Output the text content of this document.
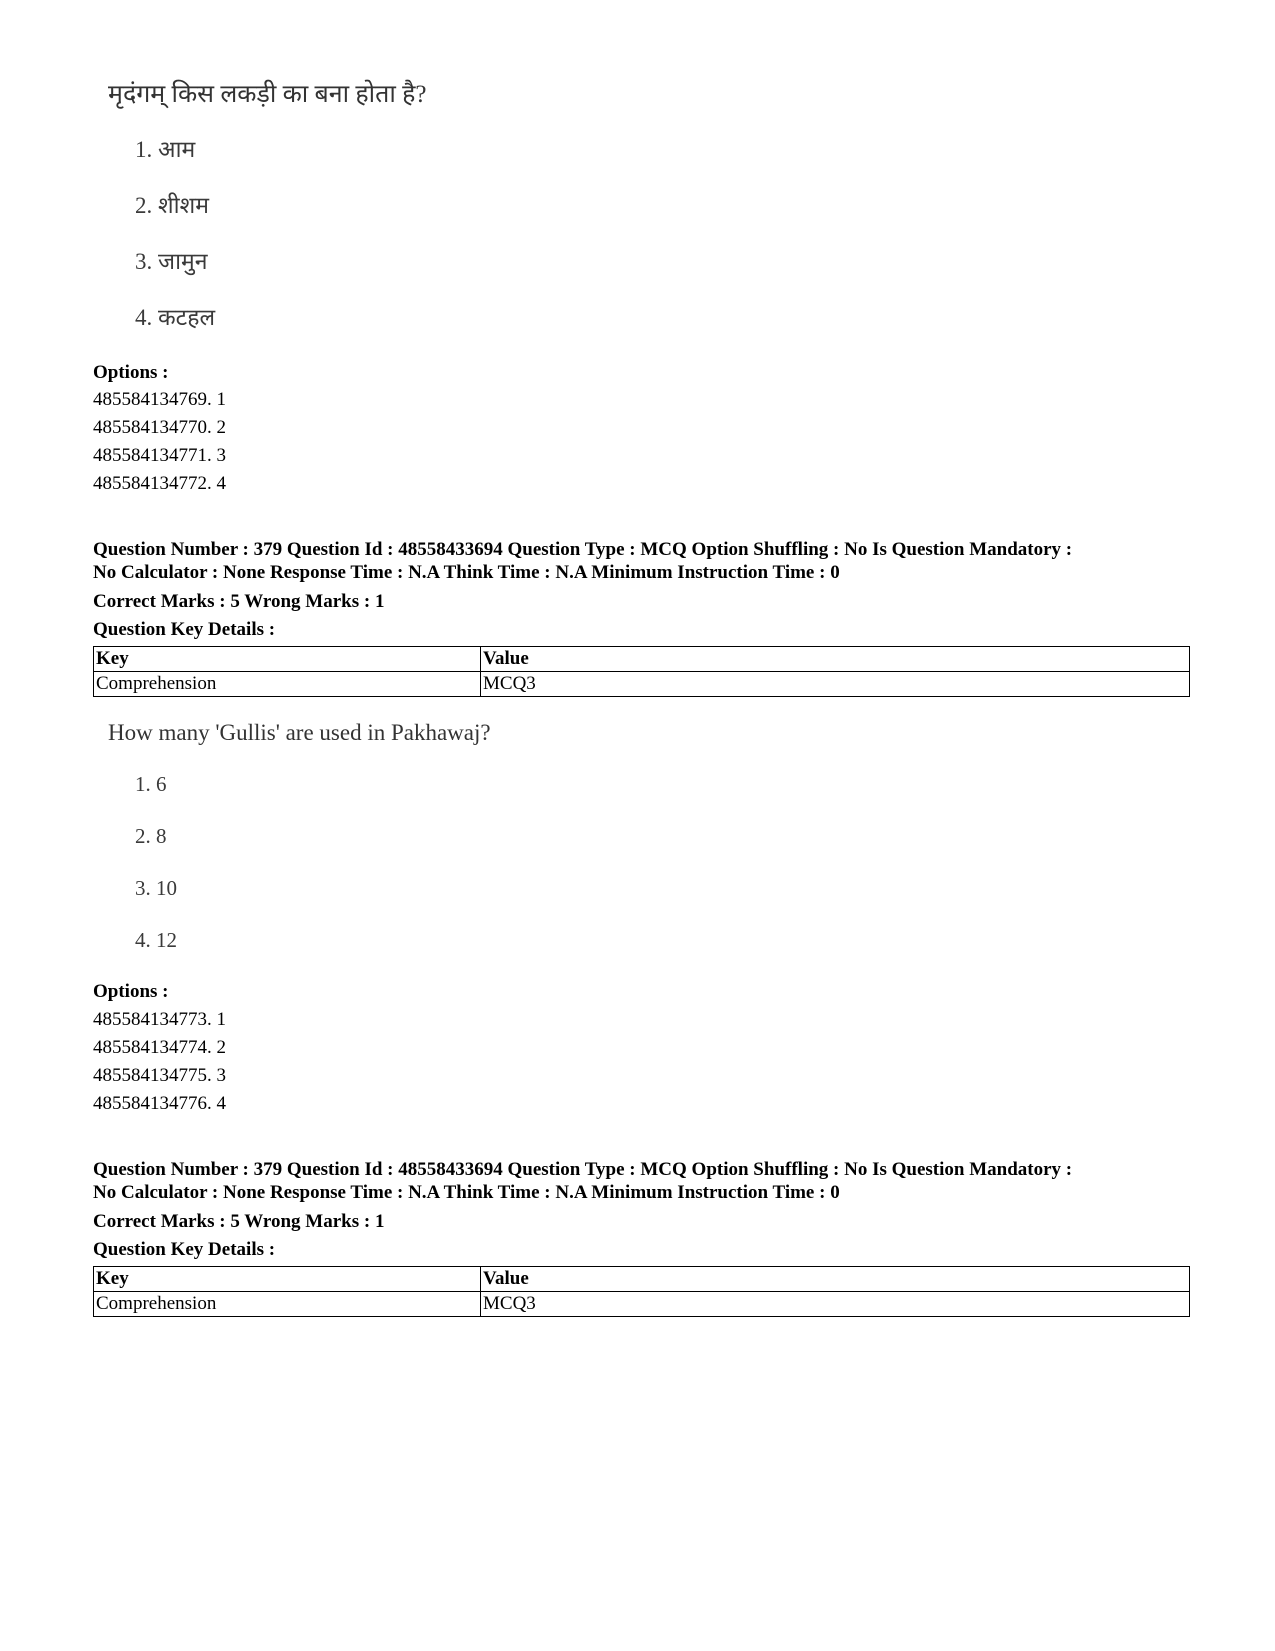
मृदंगम् किस लकड़ी का बना होता है?
1. आम
2. शीशम
3. जामुन
4. कटहल
Options :
485584134769. 1
485584134770. 2
485584134771. 3
485584134772. 4
Question Number : 379 Question Id : 48558433694 Question Type : MCQ Option Shuffling : No Is Question Mandatory :
No Calculator : None Response Time : N.A Think Time : N.A Minimum Instruction Time : 0
Correct Marks : 5 Wrong Marks : 1
Question Key Details :
Key	Value
Comprehension	MCQ3
How many 'Gullis' are used in Pakhawaj?
1. 6
2. 8
3. 10
4. 12
Options :
485584134773. 1
485584134774. 2
485584134775. 3
485584134776. 4
Question Number : 379 Question Id : 48558433694 Question Type : MCQ Option Shuffling : No Is Question Mandatory :
No Calculator : None Response Time : N.A Think Time : N.A Minimum Instruction Time : 0
Correct Marks : 5 Wrong Marks : 1
Question Key Details :
Key	Value
Comprehension	MCQ3
